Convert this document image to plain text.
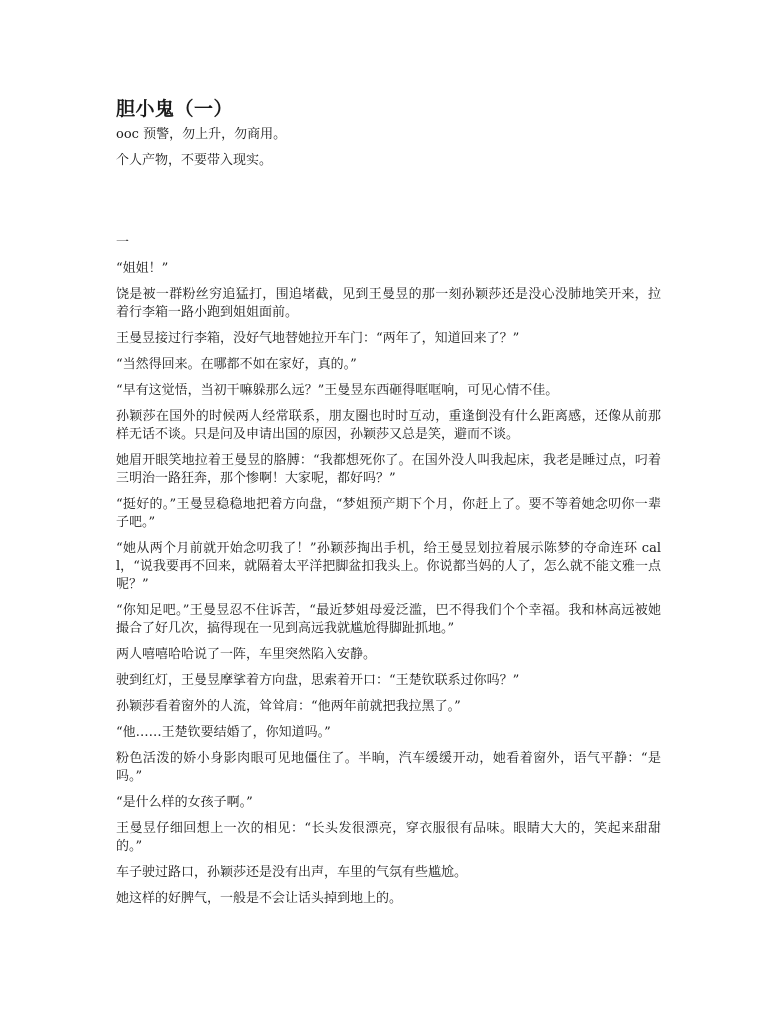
胆小鬼（一）

ooc 预警，勿上升，勿商用。

个人产物，不要带入现实。

一

“姐姐！”

饶是被一群粉丝穷追猛打，围追堵截，见到王曼昱的那一刻孙颖莎还是没心没肺地笑开来，拉着行李箱一路小跑到姐姐面前。

王曼昱接过行李箱，没好气地替她拉开车门：“两年了，知道回来了？”

“当然得回来。在哪都不如在家好，真的。”

“早有这觉悟，当初干嘛躲那么远？”王曼昱东西砸得哐哐响，可见心情不佳。

孙颖莎在国外的时候两人经常联系，朋友圈也时时互动，重逢倒没有什么距离感，还像从前那样无话不谈。只是问及申请出国的原因，孙颖莎又总是笑，避而不谈。

她眉开眼笑地拉着王曼昱的胳膊：“我都想死你了。在国外没人叫我起床，我老是睡过点，叼着三明治一路狂奔，那个惨啊！大家呢，都好吗？”

“挺好的。”王曼昱稳稳地把着方向盘，“梦姐预产期下个月，你赶上了。要不等着她念叨你一辈子吧。”

“她从两个月前就开始念叨我了！”孙颖莎掏出手机，给王曼昱划拉着展示陈梦的夺命连环 call，“说我要再不回来，就隔着太平洋把脚盆扣我头上。你说都当妈的人了，怎么就不能文雅一点呢？”

“你知足吧。”王曼昱忍不住诉苦，“最近梦姐母爱泛滥，巴不得我们个个幸福。我和林高远被她撮合了好几次，搞得现在一见到高远我就尴尬得脚趾抓地。”

两人嘻嘻哈哈说了一阵，车里突然陷入安静。

驶到红灯，王曼昱摩挲着方向盘，思索着开口：“王楚钦联系过你吗？”

孙颖莎看着窗外的人流，耸耸肩：“他两年前就把我拉黑了。”

“他……王楚钦要结婚了，你知道吗。”

粉色活泼的娇小身影肉眼可见地僵住了。半晌，汽车缓缓开动，她看着窗外，语气平静：“是吗。”

“是什么样的女孩子啊。”

王曼昱仔细回想上一次的相见：“长头发很漂亮，穿衣服很有品味。眼睛大大的，笑起来甜甜的。”

车子驶过路口，孙颖莎还是没有出声，车里的气氛有些尴尬。

她这样的好脾气，一般是不会让话头掉到地上的。
